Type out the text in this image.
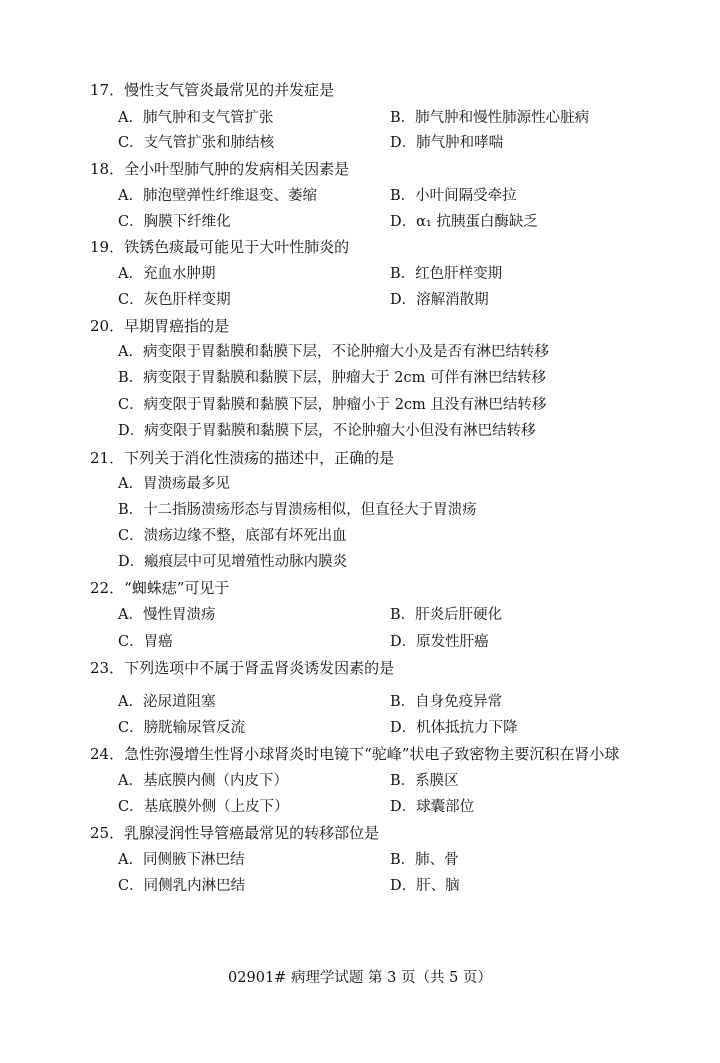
17．慢性支气管炎最常见的并发症是
A．肺气肿和支气管扩张	B．肺气肿和慢性肺源性心脏病
C．支气管扩张和肺结核	D．肺气肿和哮喘
18．全小叶型肺气肿的发病相关因素是
A．肺泡壁弹性纤维退变、萎缩	B．小叶间隔受牵拉
C．胸膜下纤维化	D．α₁ 抗胰蛋白酶缺乏
19．铁锈色痰最可能见于大叶性肺炎的
A．充血水肿期	B．红色肝样变期
C．灰色肝样变期	D．溶解消散期
20．早期胃癌指的是
A．病变限于胃黏膜和黏膜下层，不论肿瘤大小及是否有淋巴结转移
B．病变限于胃黏膜和黏膜下层，肿瘤大于 2cm 可伴有淋巴结转移
C．病变限于胃黏膜和黏膜下层，肿瘤小于 2cm 且没有淋巴结转移
D．病变限于胃黏膜和黏膜下层，不论肿瘤大小但没有淋巴结转移
21．下列关于消化性溃疡的描述中，正确的是
A．胃溃疡最多见
B．十二指肠溃疡形态与胃溃疡相似，但直径大于胃溃疡
C．溃疡边缘不整，底部有坏死出血
D．瘢痕层中可见增殖性动脉内膜炎
22．“蜘蛛痣”可见于
A．慢性胃溃疡	B．肝炎后肝硬化
C．胃癌	D．原发性肝癌
23．下列选项中不属于肾盂肾炎诱发因素的是
A．泌尿道阻塞	B．自身免疫异常
C．膀胱输尿管反流	D．机体抵抗力下降
24．急性弥漫增生性肾小球肾炎时电镜下“驼峰”状电子致密物主要沉积在肾小球
A．基底膜内侧（内皮下）	B．系膜区
C．基底膜外侧（上皮下）	D．球囊部位
25．乳腺浸润性导管癌最常见的转移部位是
A．同侧腋下淋巴结	B．肺、骨
C．同侧乳内淋巴结	D．肝、脑
02901# 病理学试题 第 3 页（共 5 页）
